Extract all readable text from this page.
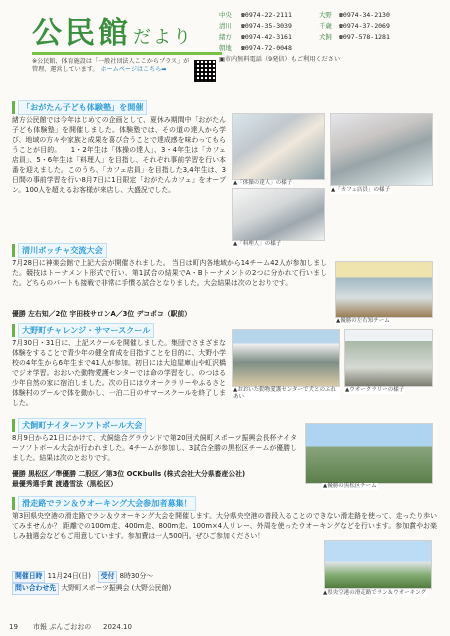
公民館 だより
※公民館、体育施設は「一般社団法人ここからプラス」が
管理、運営しています。 ホームページはこちら➡
中央	☎0974-22-2111	大野	☎0974-34-2130
清川	☎0974-35-3039	千歳	☎0974-37-2069
緒方	☎0974-42-3161	犬飼	☎097-578-1281
朝地	☎0974-72-0048
▣市内無料電話（9発信）もご利用ください
「おがたん子ども体験塾」を開催
緒方公民館では今年はじめての企画として、夏休み期間中「おがたん子ども体験塾」を開催しました。体験塾では、その道の達人から学び、地域の方々や家族と成果を喜び合うことで達成感を味わってもらうことが目的。 　1・2年生は「体操の達人」、3・4年生は「カフェ店員」、5・6年生は「料理人」を目指し、それぞれ事前学習を行い本番を迎えました。このうち、「カフェ店員」を目指した3,4年生は、3日間の事前学習を行い8月7日に1日限定「おがたんカフェ」をオープン。100人を超えるお客様が来店し、大盛況でした。
▲「体操の達人」の様子
▲「カフェ店員」の様子
▲「料理人」の様子
清川ボッチャ交流大会
7月28日に神楽会館で上記大会が開催されました。 当日は町内各地域から14チーム42人が参加しました。競技はトーナメント形式で行い、第1試合の結果でA・Bトーナメントの2つに分かれて行いました。どちらのパートも接戦で非常に手慣る試合となりました。大会結果は次のとおりです。
優勝 左右知／2位 宇田枝サロンA／3位 デコポコ（駅前）
▲優勝の左右知チーム
大野町チャレンジ・サマースクール
7月30日・31日に、上記スクールを開催しました。集団でさまざまな体験をすることで青少年の健全育成を目指すことを目的に、大野小学校の4年生から6年生まで41人が参加。初日には大迫屋庫山や虹沢橋でジオ学習。おおいた動物愛護センターでは命の学習をし、のつはる少年自然の家に宿泊しました。次の日にはウオークラリーやふるさと体験村のプールで体を動かし、一泊二日のサマースクールを終了しました。
▲おおいた動物愛護センターで犬とのふれあい
▲ウオークラリーの様子
犬飼町ナイターソフトボール大会
8月9日から21日にかけて、犬飼総合グラウンドで第20回犬飼町スポーツ振興会長杯ナイターソフトボール大会が行われました。4チームが参加し、3試合全勝の黒松区チームが優勝しました。結果は次のとおりです。
優勝 黒松区／準優勝 二股区／第3位 OCKbulls (株式会社大分県畜産公社)
最優秀選手賞 渡邉雪法（黒松区）	▲優勝の黒松区チーム
滑走路でラン＆ウオーキング大会参加者募集！
第3回県央空港の滑走路でラン＆ウオーキング大会を開催します。大分県央空港の普段入ることのできない滑走路を使って、走ったり歩いてみませんか？ 距離での100m走、400m走、800m走、100m×4人リレー、外周を使ったウオーキングなどを行います。参加賞やお楽しみ抽選会などもご用意しています。参加費は一人500円。ぜひご参加ください！
▲県央空港の滑走路でラン＆ウオーキング
開催日時 11月24日(日)　 受付 8時30分～
問い合わせ先 大野町スポーツ振興会 (大野公民館)
19 市報 ぶんごおおの 2024.10
